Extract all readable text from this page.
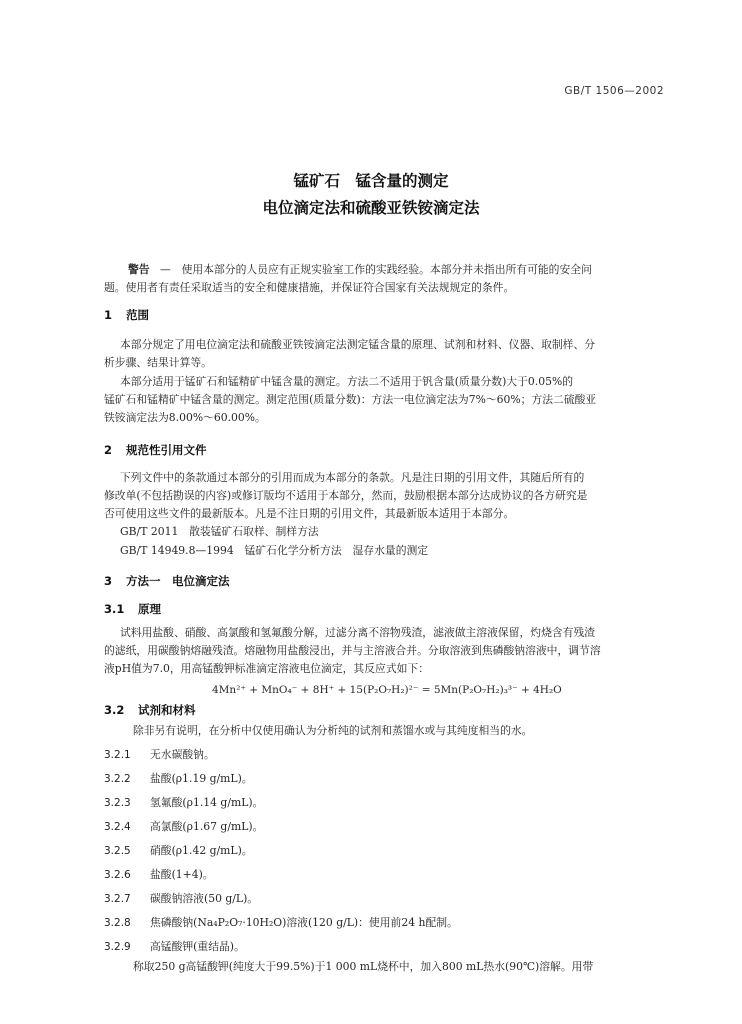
GB/T 1506—2002
锰矿石　锰含量的测定
电位滴定法和硫酸亚铁铵滴定法
警告 —　使用本部分的人员应有正规实验室工作的实践经验。本部分并未指出所有可能的安全问
题。使用者有责任采取适当的安全和健康措施，并保证符合国家有关法规规定的条件。
1 范围
本部分规定了用电位滴定法和硫酸亚铁铵滴定法测定锰含量的原理、试剂和材料、仪器、取制样、分
析步骤、结果计算等。
本部分适用于锰矿石和锰精矿中锰含量的测定。方法二不适用于钒含量(质量分数)大于0.05%的
锰矿石和锰精矿中锰含量的测定。测定范围(质量分数)：方法一电位滴定法为7%～60%；方法二硫酸亚
铁铵滴定法为8.00%～60.00%。
2 规范性引用文件
下列文件中的条款通过本部分的引用而成为本部分的条款。凡是注日期的引用文件，其随后所有的
修改单(不包括勘误的内容)或修订版均不适用于本部分，然而，鼓励根据本部分达成协议的各方研究是
否可使用这些文件的最新版本。凡是不注日期的引用文件，其最新版本适用于本部分。
GB/T 2011　散装锰矿石取样、制样方法
GB/T 14949.8—1994　锰矿石化学分析方法　湿存水量的测定
3 方法一　电位滴定法
3.1 原理
试料用盐酸、硝酸、高氯酸和氢氟酸分解，过滤分离不溶物残渣，滤液做主溶液保留，灼烧含有残渣
的滤纸，用碳酸钠熔融残渣。熔融物用盐酸浸出，并与主溶液合并。分取溶液到焦磷酸钠溶液中，调节溶
液pH值为7.0，用高锰酸钾标准滴定溶液电位滴定，其反应式如下：
4Mn²⁺ + MnO₄⁻ + 8H⁺ + 15(P₂O₇H₂)²⁻ = 5Mn(P₂O₇H₂)₃³⁻ + 4H₂O
3.2 试剂和材料
除非另有说明，在分析中仅使用确认为分析纯的试剂和蒸馏水或与其纯度相当的水。
3.2.1 无水碳酸钠。
3.2.2 盐酸(ρ1.19 g/mL)。
3.2.3 氢氟酸(ρ1.14 g/mL)。
3.2.4 高氯酸(ρ1.67 g/mL)。
3.2.5 硝酸(ρ1.42 g/mL)。
3.2.6 盐酸(1+4)。
3.2.7 碳酸钠溶液(50 g/L)。
3.2.8 焦磷酸钠(Na₄P₂O₇·10H₂O)溶液(120 g/L)：使用前24 h配制。
3.2.9 高锰酸钾(重结晶)。
称取250 g高锰酸钾(纯度大于99.5%)于1 000 mL烧杯中，加入800 mL热水(90℃)溶解。用带
